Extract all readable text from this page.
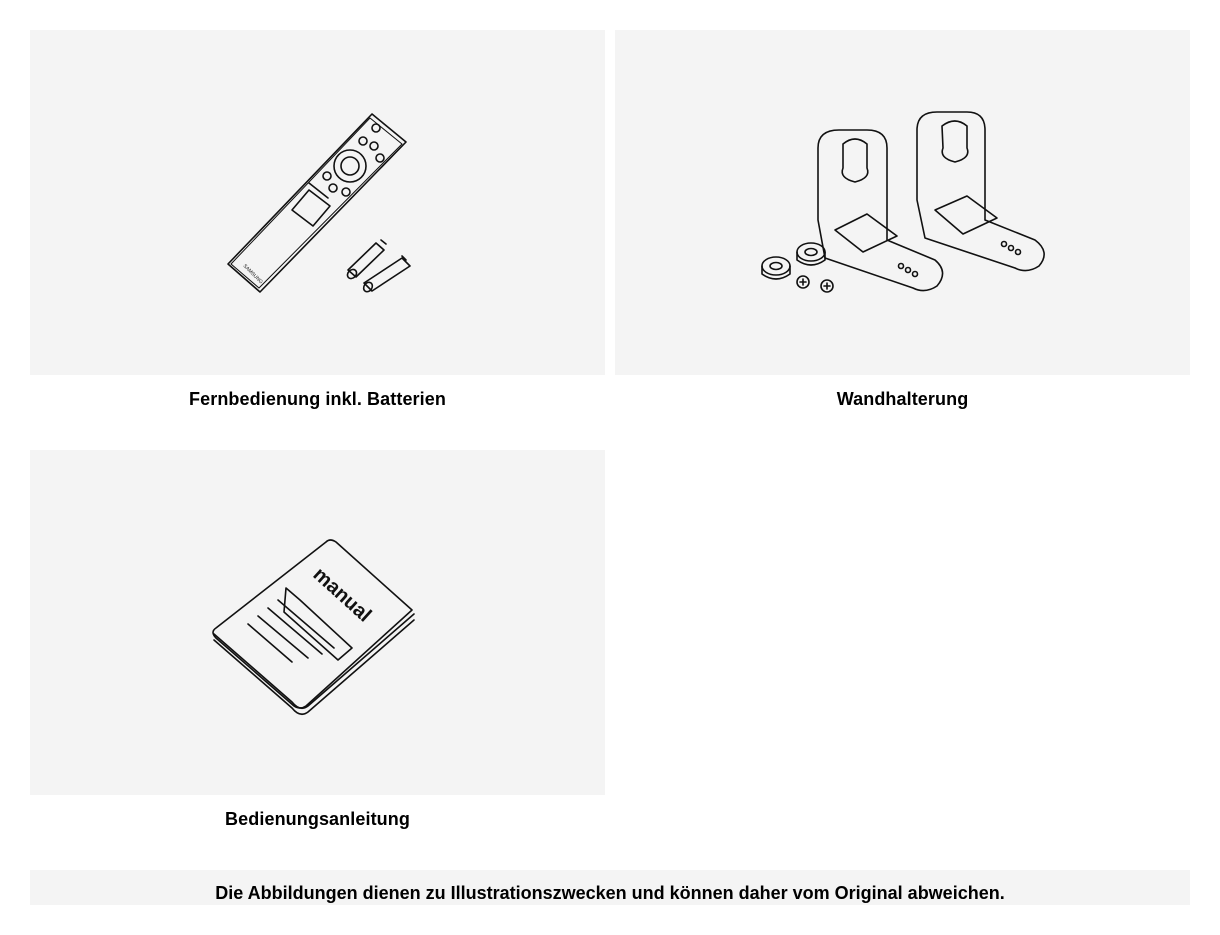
SAMSUNG
Fernbedienung inkl. Batterien	Wandhalterung
manual
Bedienungsanleitung
Die Abbildungen dienen zu Illustrationszwecken und können daher vom Original abweichen.
